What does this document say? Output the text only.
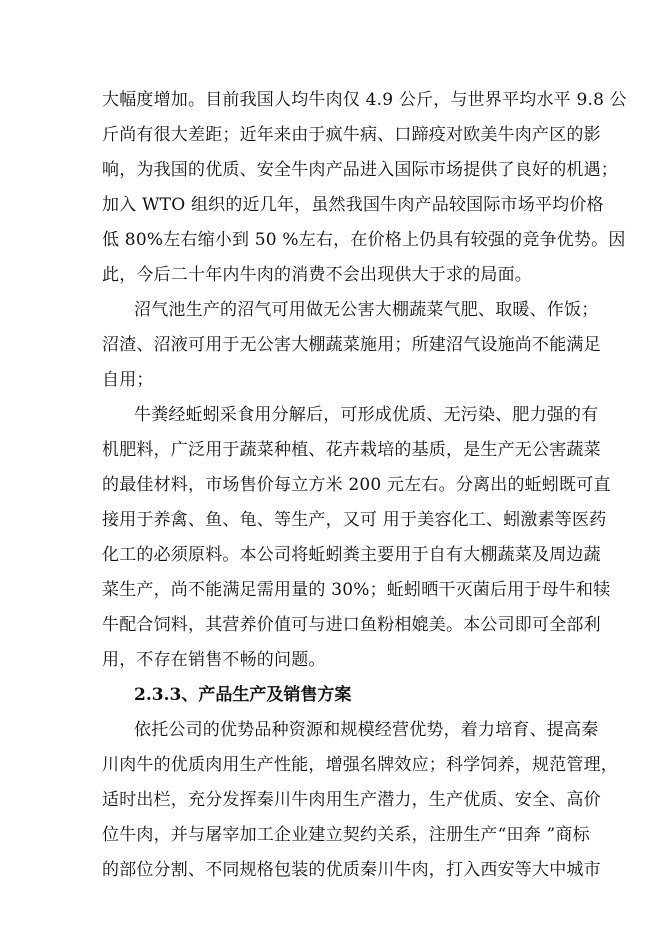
大幅度增加。目前我国人均牛肉仅 4.9 公斤，与世界平均水平 9.8 公
斤尚有很大差距；近年来由于疯牛病、口蹄疫对欧美牛肉产区的影
响，为我国的优质、安全牛肉产品进入国际市场提供了良好的机遇；
加入 WTO 组织的近几年，虽然我国牛肉产品较国际市场平均价格
低 80%左右缩小到 50 %左右，在价格上仍具有较强的竞争优势。因
此，今后二十年内牛肉的消费不会出现供大于求的局面。
沼气池生产的沼气可用做无公害大棚蔬菜气肥、取暖、作饭；
沼渣、沼液可用于无公害大棚蔬菜施用；所建沼气设施尚不能满足
自用；
牛粪经蚯蚓采食用分解后，可形成优质、无污染、肥力强的有
机肥料，广泛用于蔬菜种植、花卉栽培的基质，是生产无公害蔬菜
的最佳材料，市场售价每立方米 200 元左右。分离出的蚯蚓既可直
接用于养禽、鱼、龟、等生产，又可 用于美容化工、蚓激素等医药
化工的必须原料。本公司将蚯蚓粪主要用于自有大棚蔬菜及周边蔬
菜生产，尚不能满足需用量的 30%；蚯蚓晒干灭菌后用于母牛和犊
牛配合饲料，其营养价值可与进口鱼粉相媲美。本公司即可全部利
用，不存在销售不畅的问题。
2.3.3、产品生产及销售方案
依托公司的优势品种资源和规模经营优势，着力培育、提高秦
川肉牛的优质肉用生产性能，增强名牌效应；科学饲养，规范管理，
适时出栏，充分发挥秦川牛肉用生产潜力，生产优质、安全、高价
位牛肉，并与屠宰加工企业建立契约关系，注册生产“田奔 ”商标
的部位分割、不同规格包装的优质秦川牛肉，打入西安等大中城市
